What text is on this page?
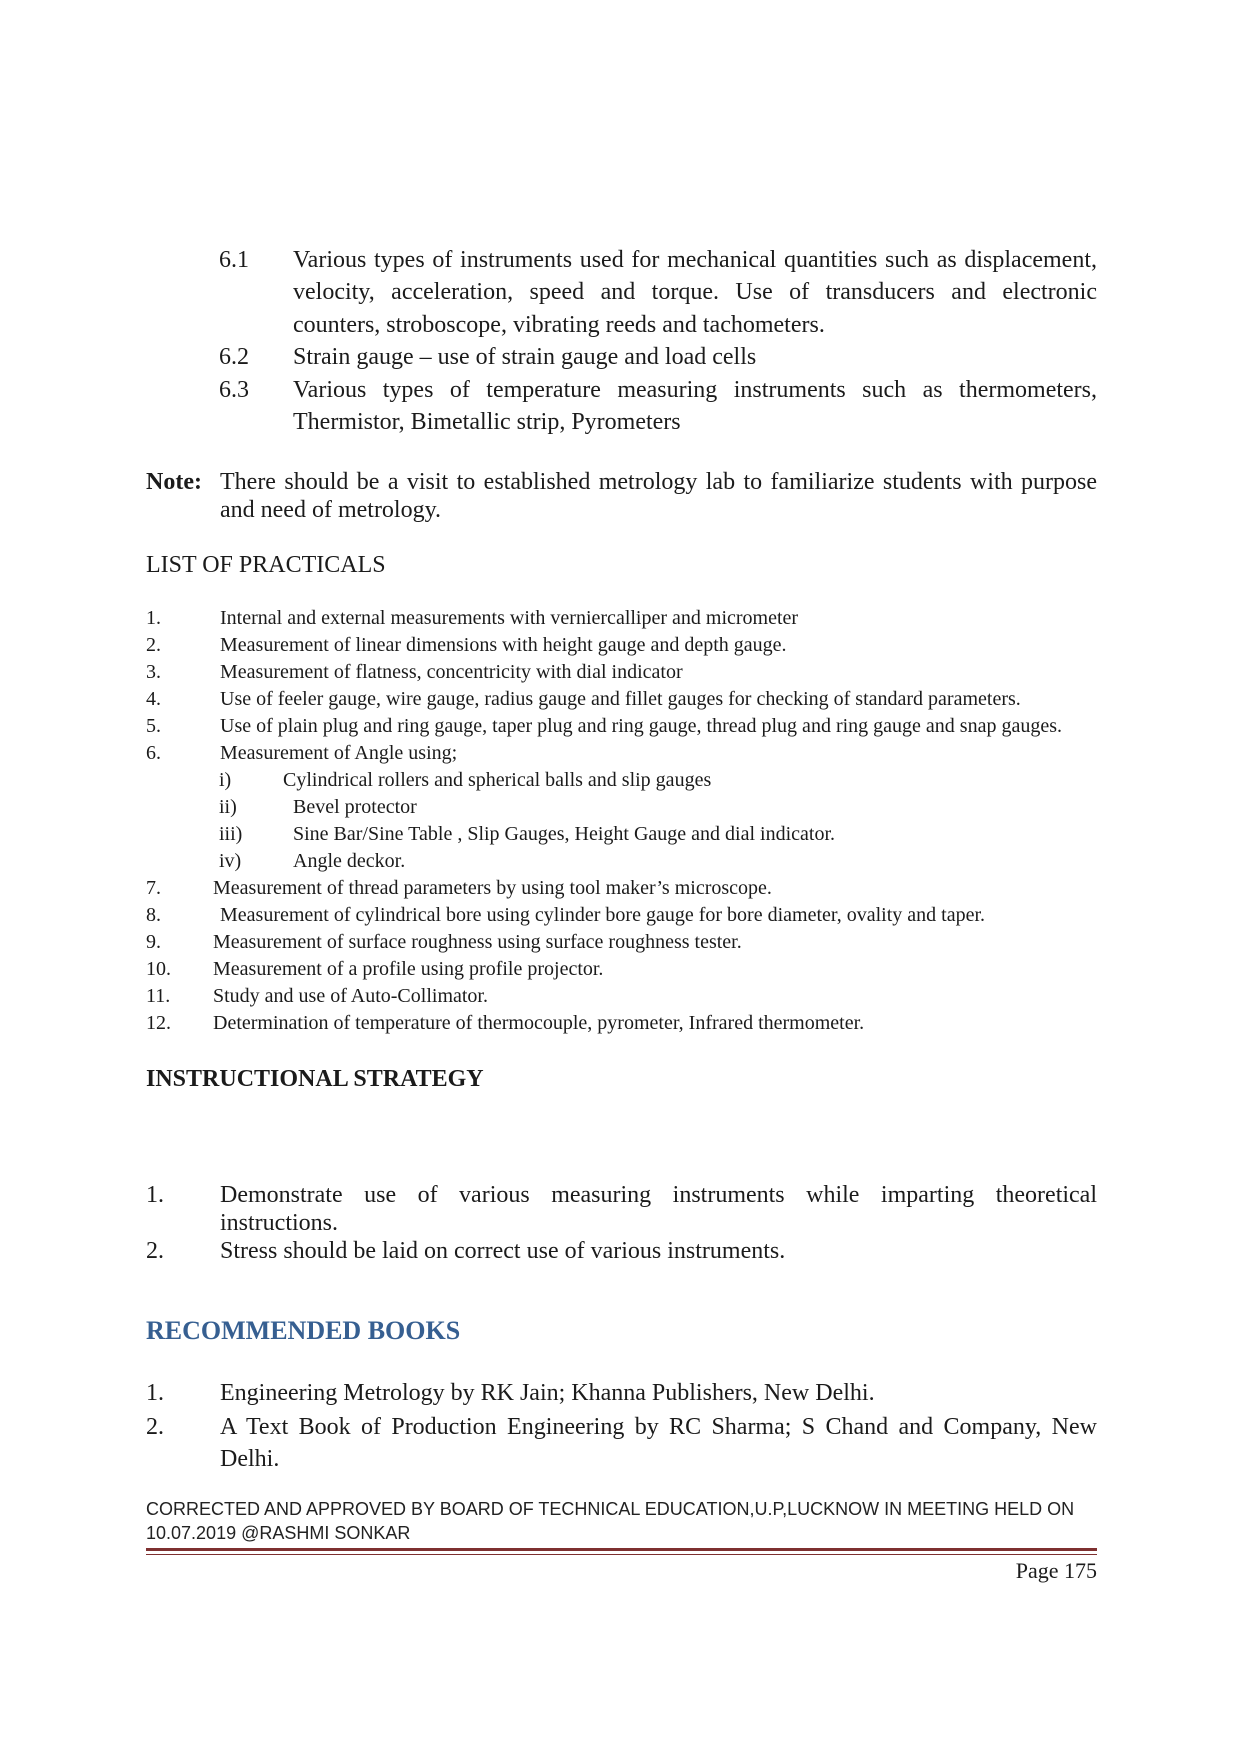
6.1 Various types of instruments used for mechanical quantities such as displacement,
velocity, acceleration, speed and torque. Use of transducers and electronic
counters, stroboscope, vibrating reeds and tachometers.
6.2 Strain gauge – use of strain gauge and load cells
6.3 Various types of temperature measuring instruments such as thermometers,
Thermistor, Bimetallic strip, Pyrometers
Note: There should be a visit to established metrology lab to familiarize students with purpose
and need of metrology.
LIST OF PRACTICALS
1.	Internal and external measurements with verniercalliper and micrometer
2.	Measurement of linear dimensions with height gauge and depth gauge.
3.	Measurement of flatness, concentricity with dial indicator
4.	Use of feeler gauge, wire gauge, radius gauge and fillet gauges for checking of standard parameters.
5.	Use of plain plug and ring gauge, taper plug and ring gauge, thread plug and ring gauge and snap gauges.
6.	Measurement of Angle using;
i)	Cylindrical rollers and spherical balls and slip gauges
ii)	Bevel protector
iii)	Sine Bar/Sine Table , Slip Gauges, Height Gauge and dial indicator.
iv)	Angle deckor.
7.	Measurement of thread parameters by using tool maker’s microscope.
8.	Measurement of cylindrical bore using cylinder bore gauge for bore diameter, ovality and taper.
9.	Measurement of surface roughness using surface roughness tester.
10. Measurement of a profile using profile projector.
11. Study and use of Auto-Collimator.
12. Determination of temperature of thermocouple, pyrometer, Infrared thermometer.
INSTRUCTIONAL STRATEGY
1. Demonstrate use of various measuring instruments while imparting theoretical
instructions.
2. Stress should be laid on correct use of various instruments.
RECOMMENDED BOOKS
1. Engineering Metrology by RK Jain; Khanna Publishers, New Delhi.
2. A Text Book of Production Engineering by RC Sharma; S Chand and Company, New
Delhi.
CORRECTED AND APPROVED BY BOARD OF TECHNICAL EDUCATION,U.P,LUCKNOW IN MEETING HELD ON
10.07.2019 @RASHMI SONKAR
Page 175
